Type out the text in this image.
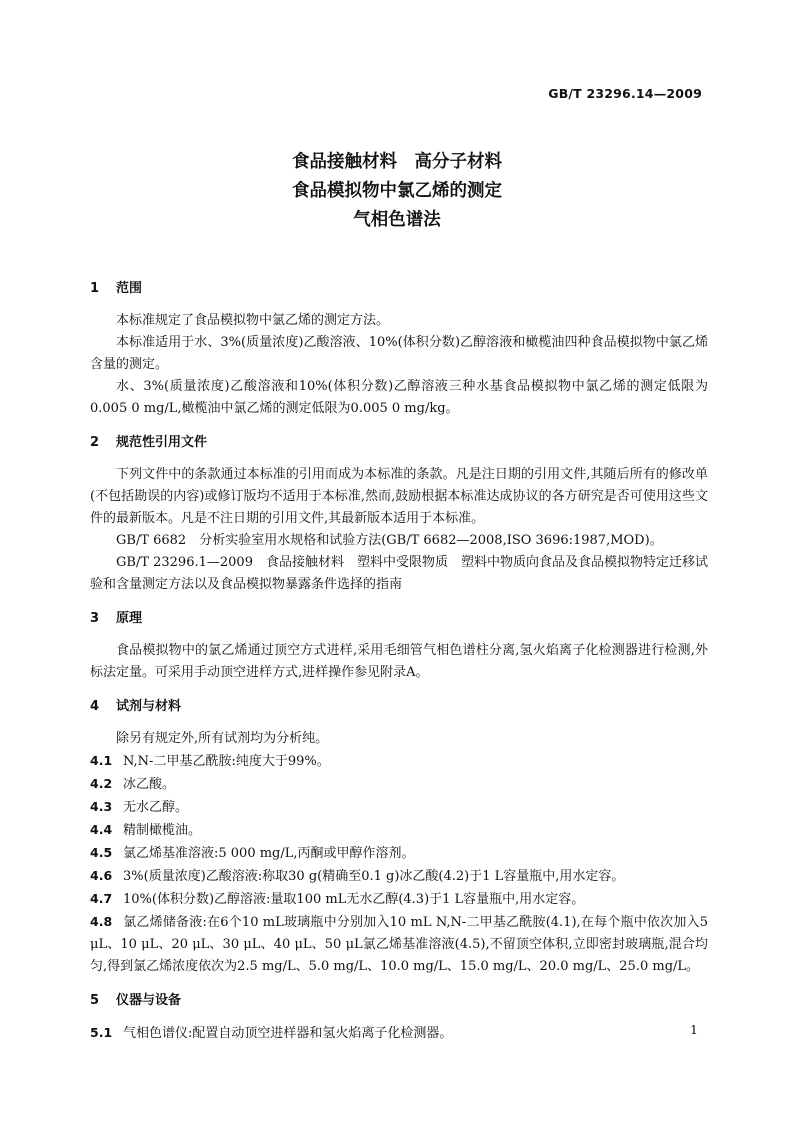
GB/T 23296.14—2009
食品接触材料　高分子材料
食品模拟物中氯乙烯的测定
气相色谱法
1 范围

本标准规定了食品模拟物中氯乙烯的测定方法。

本标准适用于水、3%(质量浓度)乙酸溶液、10%(体积分数)乙醇溶液和橄榄油四种食品模拟物中氯乙烯含量的测定。

水、3%(质量浓度)乙酸溶液和10%(体积分数)乙醇溶液三种水基食品模拟物中氯乙烯的测定低限为0.005 0 mg/L,橄榄油中氯乙烯的测定低限为0.005 0 mg/kg。

2 规范性引用文件

下列文件中的条款通过本标准的引用而成为本标准的条款。凡是注日期的引用文件,其随后所有的修改单(不包括勘误的内容)或修订版均不适用于本标准,然而,鼓励根据本标准达成协议的各方研究是否可使用这些文件的最新版本。凡是不注日期的引用文件,其最新版本适用于本标准。

GB/T 6682　分析实验室用水规格和试验方法(GB/T 6682—2008,ISO 3696:1987,MOD)。

GB/T 23296.1—2009　食品接触材料　塑料中受限物质　塑料中物质向食品及食品模拟物特定迁移试验和含量测定方法以及食品模拟物暴露条件选择的指南

3 原理

食品模拟物中的氯乙烯通过顶空方式进样,采用毛细管气相色谱柱分离,氢火焰离子化检测器进行检测,外标法定量。可采用手动顶空进样方式,进样操作参见附录A。

4 试剂与材料

除另有规定外,所有试剂均为分析纯。

4.1 N,N-二甲基乙酰胺:纯度大于99%。

4.2 冰乙酸。

4.3 无水乙醇。

4.4 精制橄榄油。

4.5 氯乙烯基准溶液:5 000 mg/L,丙酮或甲醇作溶剂。

4.6 3%(质量浓度)乙酸溶液:称取30 g(精确至0.1 g)冰乙酸(4.2)于1 L容量瓶中,用水定容。

4.7 10%(体积分数)乙醇溶液:量取100 mL无水乙醇(4.3)于1 L容量瓶中,用水定容。

4.8 氯乙烯储备液:在6个10 mL玻璃瓶中分别加入10 mL N,N-二甲基乙酰胺(4.1),在每个瓶中依次加入5 μL、10 μL、20 μL、30 μL、40 μL、50 μL氯乙烯基准溶液(4.5),不留顶空体积,立即密封玻璃瓶,混合均匀,得到氯乙烯浓度依次为2.5 mg/L、5.0 mg/L、10.0 mg/L、15.0 mg/L、20.0 mg/L、25.0 mg/L。

5 仪器与设备

5.1 气相色谱仪:配置自动顶空进样器和氢火焰离子化检测器。	1
